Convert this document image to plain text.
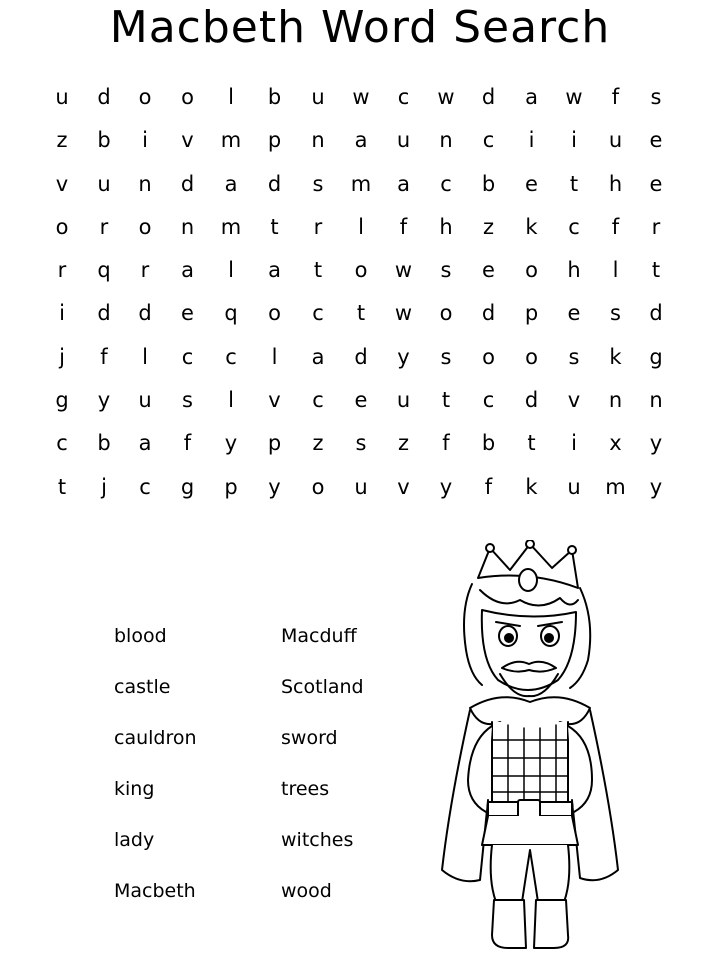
Macbeth Word Search
u	d	o	o	l	b	u	w	c	w	d	a	w	f	s
z	b	i	v	m	p	n	a	u	n	c	i	i	u	e
v	u	n	d	a	d	s	m	a	c	b	e	t	h	e
o	r	o	n	m	t	r	l	f	h	z	k	c	f	r
r	q	r	a	l	a	t	o	w	s	e	o	h	l	t
i	d	d	e	q	o	c	t	w	o	d	p	e	s	d
j	f	l	c	c	l	a	d	y	s	o	o	s	k	g
g	y	u	s	l	v	c	e	u	t	c	d	v	n	n
c	b	a	f	y	p	z	s	z	f	b	t	i	x	y
t	j	c	g	p	y	o	u	v	y	f	k	u	m	y
blood
castle
cauldron
king
lady
Macbeth
Macduff
Scotland
sword
trees
witches
wood
